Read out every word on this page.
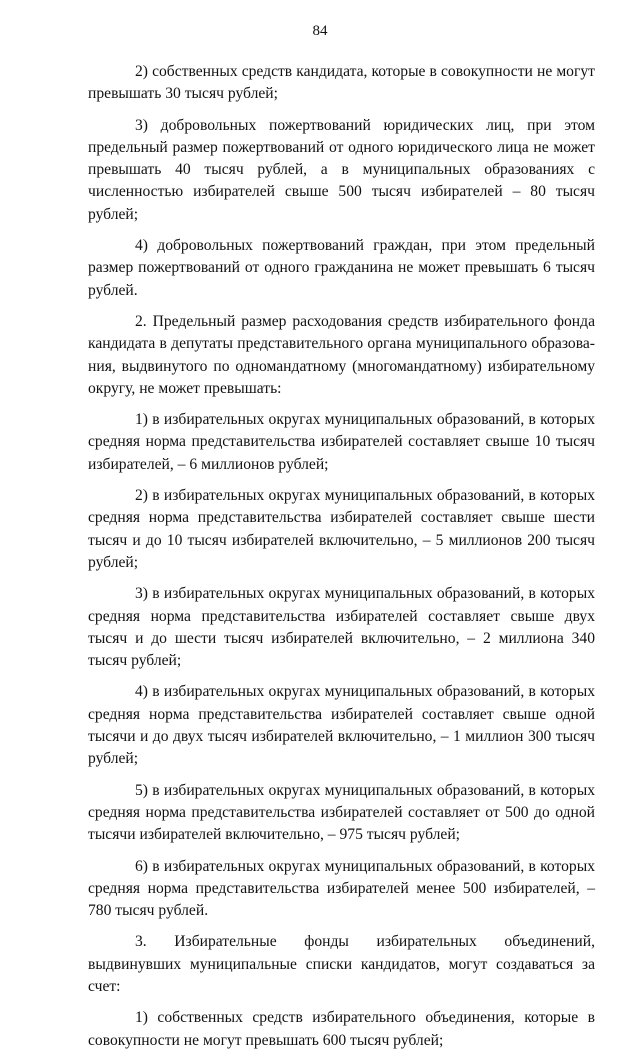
84

2) собственных средств кандидата, которые в совокупности не могут превышать 30 тысяч рублей;

3) добровольных пожертвований юридических лиц, при этом предельный размер пожертвований от одного юридического лица не может превышать 40 тысяч рублей, а в муниципальных образованиях с численностью избирателей свыше 500 тысяч избирателей – 80 тысяч рублей;

4) добровольных пожертвований граждан, при этом предельный размер пожертвований от одного гражданина не может превышать 6 тысяч рублей.

2. Предельный размер расходования средств избирательного фонда кандидата в депутаты представительного органа муниципального образования, выдвинутого по одномандатному (многомандатному) избирательному округу, не может превышать:

1) в избирательных округах муниципальных образований, в которых средняя норма представительства избирателей составляет свыше 10 тысяч избирателей, – 6 миллионов рублей;

2) в избирательных округах муниципальных образований, в которых средняя норма представительства избирателей составляет свыше шести тысяч и до 10 тысяч избирателей включительно, – 5 миллионов 200 тысяч рублей;

3) в избирательных округах муниципальных образований, в которых средняя норма представительства избирателей составляет свыше двух тысяч и до шести тысяч избирателей включительно, – 2 миллиона 340 тысяч рублей;

4) в избирательных округах муниципальных образований, в которых средняя норма представительства избирателей составляет свыше одной тысячи и до двух тысяч избирателей включительно, – 1 миллион 300 тысяч рублей;

5) в избирательных округах муниципальных образований, в которых средняя норма представительства избирателей составляет от 500 до одной тысячи избирателей включительно, – 975 тысяч рублей;

6) в избирательных округах муниципальных образований, в которых средняя норма представительства избирателей менее 500 избирателей, – 780 тысяч рублей.

3. Избирательные фонды избирательных объединений, выдвинувших муниципальные списки кандидатов, могут создаваться за счет:

1) собственных средств избирательного объединения, которые в совокупности не могут превышать 600 тысяч рублей;
